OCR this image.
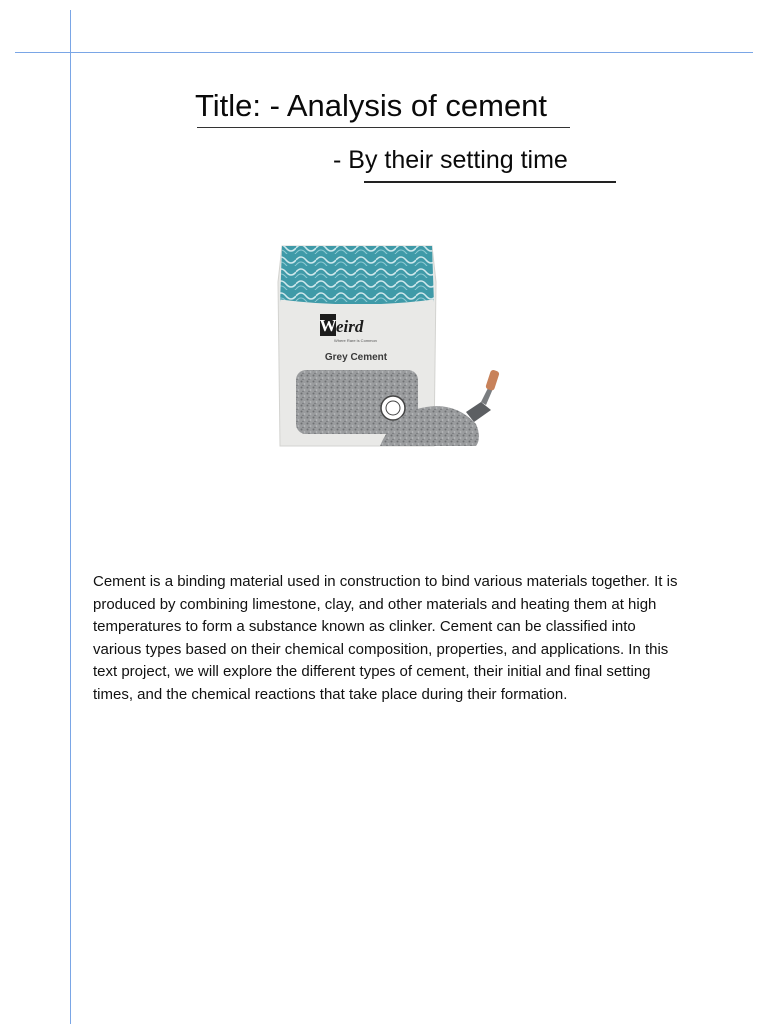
Title: - Analysis of cement
- By their setting time
W eird
Where Rare is Common
Grey Cement
Cement is a binding material used in construction to bind various materials together. It is produced by combining limestone, clay, and other materials and heating them at high temperatures to form a substance known as clinker. Cement can be classified into various types based on their chemical composition, properties, and applications. In this text project, we will explore the different types of cement, their initial and final setting times, and the chemical reactions that take place during their formation.
